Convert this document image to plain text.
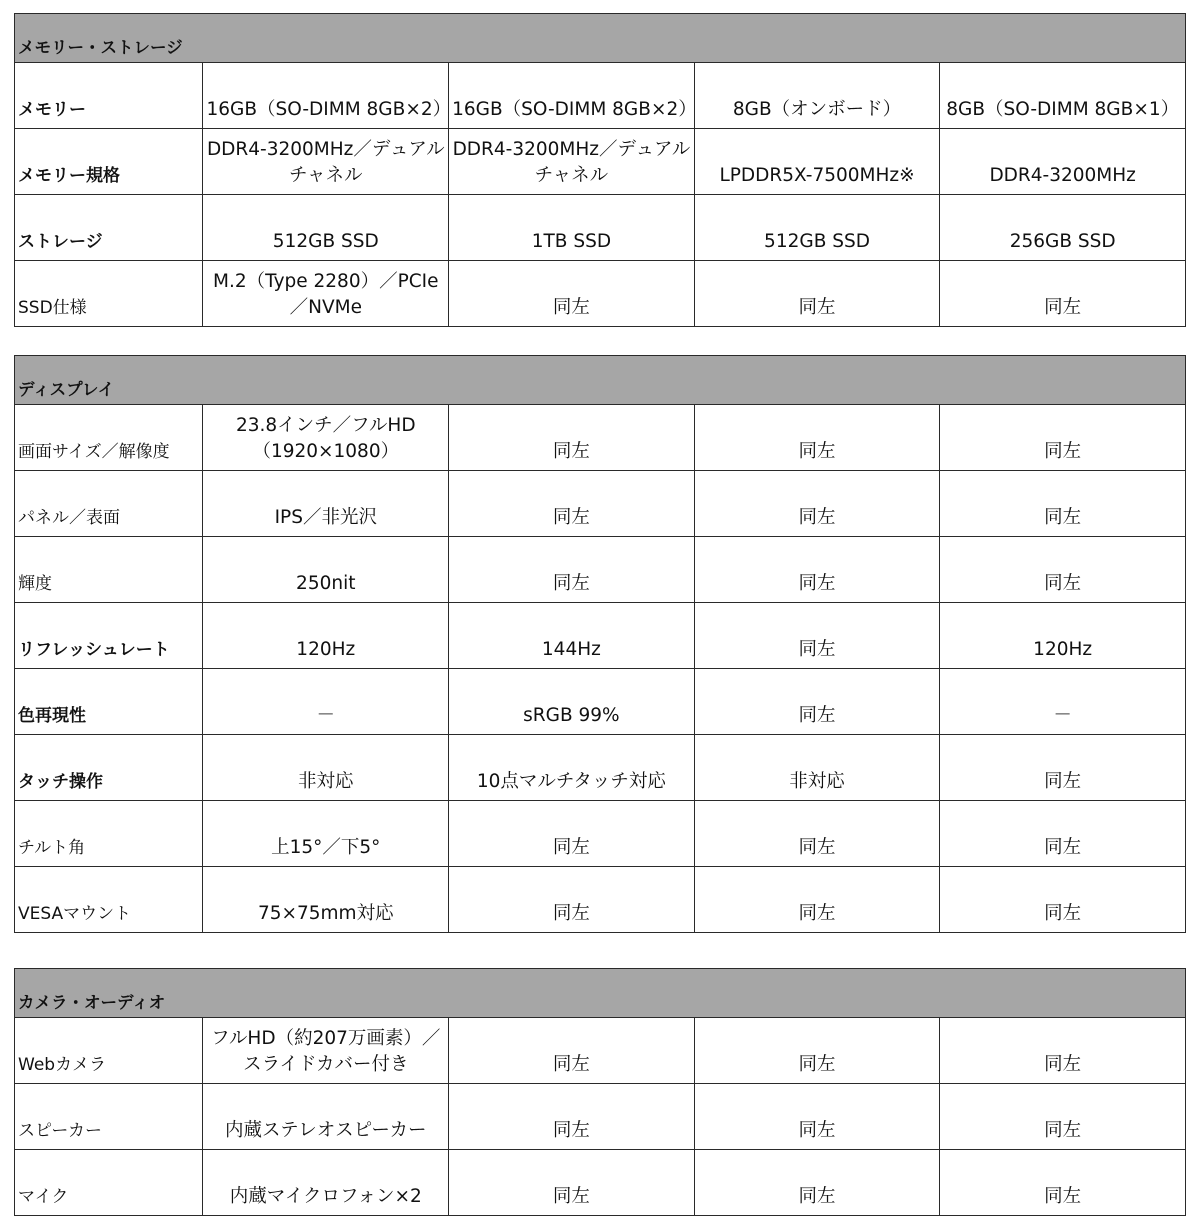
メモリー・ストレージ				
メモリー	16GB（SO-DIMM 8GB×2）	16GB（SO-DIMM 8GB×2）	8GB（オンボード）	8GB（SO-DIMM 8GB×1）
メモリー規格	DDR4-3200MHz／デュアルチャネル	DDR4-3200MHz／デュアルチャネル	LPDDR5X-7500MHz※	DDR4-3200MHz
ストレージ	512GB SSD	1TB SSD	512GB SSD	256GB SSD
SSD仕様	M.2（Type 2280）／PCIe／NVMe	同左	同左	同左
ディスプレイ				
画面サイズ／解像度	23.8インチ／フルHD（1920×1080）	同左	同左	同左
パネル／表面	IPS／非光沢	同左	同左	同左
輝度	250nit	同左	同左	同左
リフレッシュレート	120Hz	144Hz	同左	120Hz
色再現性	－	sRGB 99%	同左	－
タッチ操作	非対応	10点マルチタッチ対応	非対応	同左
チルト角	上15°／下5°	同左	同左	同左
VESAマウント	75×75mm対応	同左	同左	同左
カメラ・オーディオ				
Webカメラ	フルHD（約207万画素）／スライドカバー付き	同左	同左	同左
スピーカー	内蔵ステレオスピーカー	同左	同左	同左
マイク	内蔵マイクロフォン×2	同左	同左	同左
